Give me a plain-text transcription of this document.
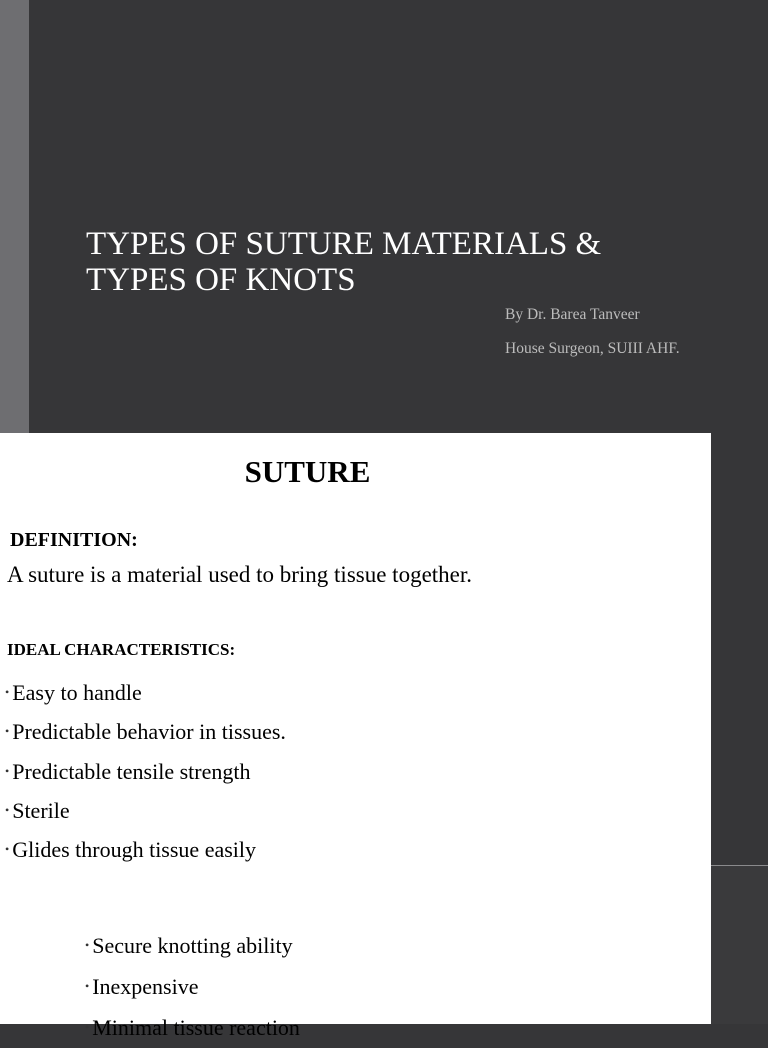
TYPES OF SUTURE MATERIALS &
TYPES OF KNOTS
By Dr. Barea Tanveer
House Surgeon, SUIII AHF.
SUTURE
DEFINITION:
A suture is a material used to bring tissue together.
IDEAL CHARACTERISTICS:
• Easy to handle
• Predictable behavior in tissues.
• Predictable tensile strength
• Sterile
• Glides through tissue easily
• Secure knotting ability
• Inexpensive
• Minimal tissue reaction
